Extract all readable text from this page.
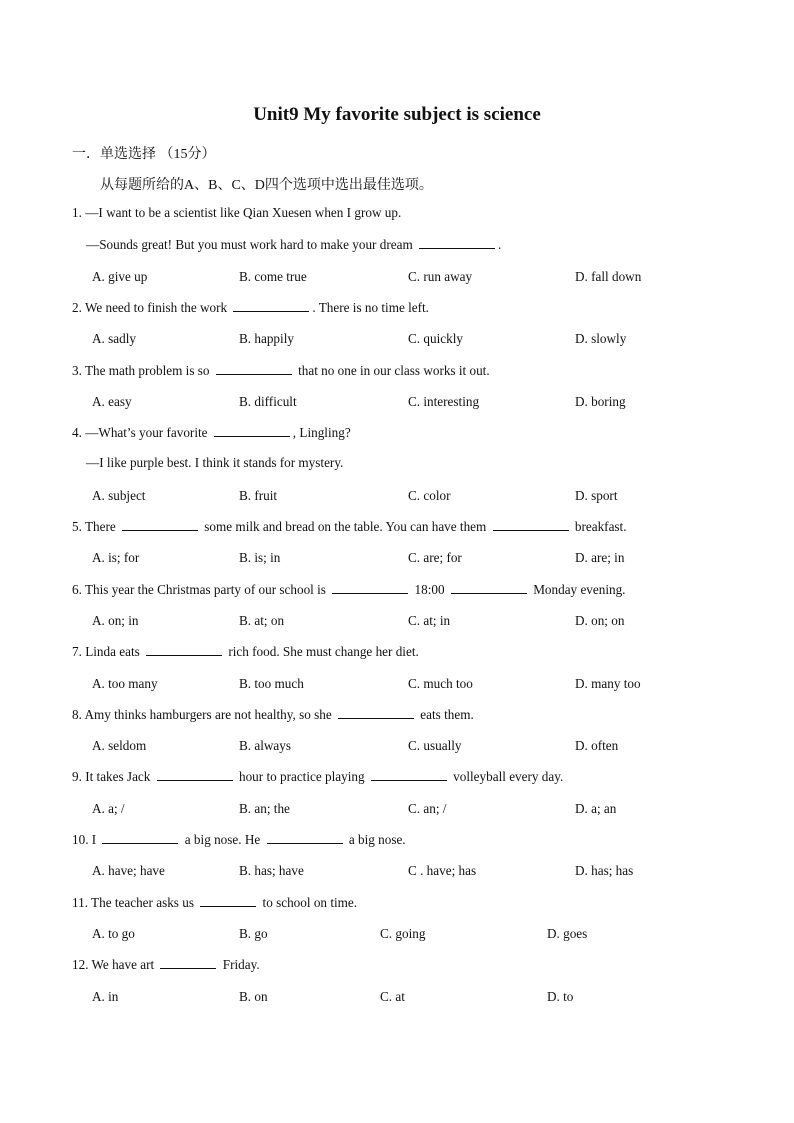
Unit9 My favorite subject is science
一．单选选择 （15分）
从每题所给的A、B、C、D四个选项中选出最佳选项。
1. —I want to be a scientist like Qian Xuesen when I grow up.
—Sounds great! But you must work hard to make your dream	.
A. give up	B. come true	C. run away	D. fall down
2. We need to finish the work	. There is no time left.
A. sadly	B. happily	C. quickly	D. slowly
3. The math problem is so	that no one in our class works it out.
A. easy	B. difficult	C. interesting	D. boring
4. —What’s your favorite	, Lingling?
—I like purple best. I think it stands for mystery.
A. subject	B. fruit	C. color	D. sport
5. There	some milk and bread on the table. You can have them	breakfast.
A. is; for	B. is; in	C. are; for	D. are; in
6. This year the Christmas party of our school is	18:00	Monday evening.
A. on; in	B. at; on	C. at; in	D. on; on
7. Linda eats	rich food. She must change her diet.
A. too many	B. too much	C. much too	D. many too
8. Amy thinks hamburgers are not healthy, so she	eats them.
A. seldom	B. always	C. usually	D. often
9. It takes Jack	hour to practice playing	volleyball every day.
A. a; /	B. an; the	C. an; /	D. a; an
10. I	a big nose. He	a big nose.
A. have; have	B. has; have	C . have; has	D. has; has
11. The teacher asks us	to school on time.
A. to go	B. go	C. going	D. goes
12. We have art	Friday.
A. in	B. on	C. at	D. to
